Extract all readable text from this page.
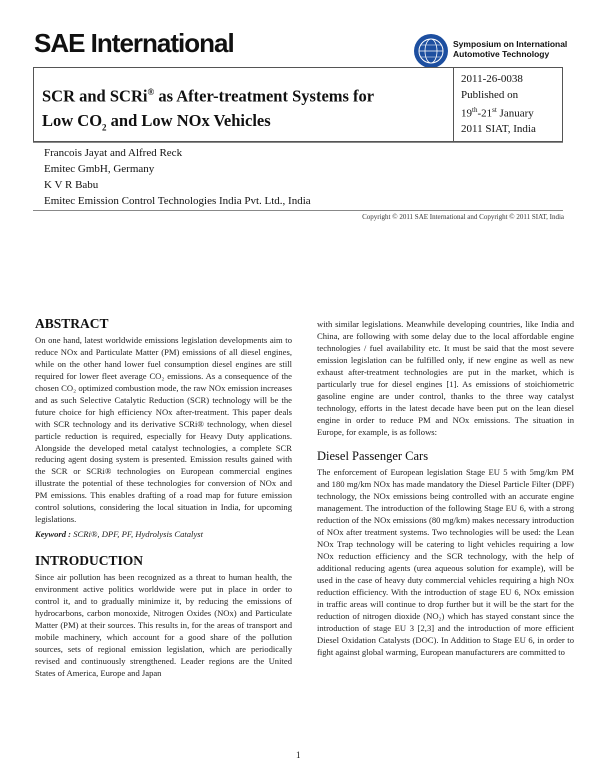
SAE International	Symposium on International
Automotive Technology
SCR and SCRi® as After-treatment Systems for
Low $CO_2$ and Low NOx Vehicles
2011-26-0038
Published on
19th-21st January
2011 SIAT, India
Francois Jayat and Alfred Reck
Emitec GmbH, Germany
K V R Babu
Emitec Emission Control Technologies India Pvt. Ltd., India
Copyright © 2011 SAE International and Copyright © 2011 SIAT, India
ABSTRACT

On one hand, latest worldwide emissions legislation developments aim to reduce NOx and Particulate Matter (PM) emissions of all diesel engines, while on the other hand lower fuel consumption diesel engines are still required for lower fleet average CO₂ emissions. As a consequence of the chosen CO₂ optimized combustion mode, the raw NOx emission increases and as such Selective Catalytic Reduction (SCR) technology will be the future choice for high efficiency NOx after-treatment. This paper deals with SCR technology and its derivative SCRi® technology, when diesel particle reduction is required, especially for Heavy Duty applications. Alongside the developed metal catalyst technologies, a complete SCR reducing agent dosing system is presented. Emission results gained with the SCR or SCRi® technologies on European commercial engines illustrate the potential of these technologies for conversion of NOx and PM emissions. This enables drafting of a road map for future emission control solutions, considering the local situation in India, for upcoming legislations.

Keyword : SCRi®, DPF, PF, Hydrolysis Catalyst
INTRODUCTION

Since air pollution has been recognized as a threat to human health, the environment active politics worldwide were put in place in order to control it, and to gradually minimize it, by reducing the emissions of hydrocarbons, carbon monoxide, Nitrogen Oxides (NOx) and Particulate Matter (PM) at their sources. This results in, for the areas of transport and mobile machinery, which account for a good share of the pollution sources, sets of regional emission legislation, which are periodically revised and continuously strengthened. Leader regions are the United States of America, Europe and Japan

with similar legislations. Meanwhile developing countries, like India and China, are following with some delay due to the local affordable engine technologies / fuel availability etc. It must be said that the most severe emission legislation can be fulfilled only, if new engine as well as new exhaust after-treatment technologies are put in the market, which is particularly true for diesel engines [1]. As emissions of stoichiometric gasoline engine are under control, thanks to the three way catalyst technology, efforts in the latest decade have been put on the lean diesel engine in order to reduce PM and NOx emissions. The situation in Europe, for example, is as follows:

Diesel Passenger Cars

The enforcement of European legislation Stage EU 5 with 5mg/km PM and 180 mg/km NOx has made mandatory the Diesel Particle Filter (DPF) technology, the NOx emissions being controlled with an accurate engine management. The introduction of the following Stage EU 6, with a strong reduction of the NOx emissions (80 mg/km) makes necessary introduction of NOx after treatment systems. Two technologies will be used: the Lean NOx Trap technology will be catering to light vehicles requiring a low NOx reduction efficiency and the SCR technology, with the help of additional reducing agents (urea aqueous solution for example), will be used in the case of heavy duty commercial vehicles requiring a high NOx reduction efficiency. With the introduction of stage EU 6, NOx emission in traffic areas will continue to drop further but it will be the start for the reduction of nitrogen dioxide (NO₂) which has stayed constant since the introduction of stage EU 3 [2,3] and the introduction of more efficient Diesel Oxidation Catalysts (DOC). In Addition to Stage EU 6, in order to fight against global warming, European manufacturers are committed to

1
